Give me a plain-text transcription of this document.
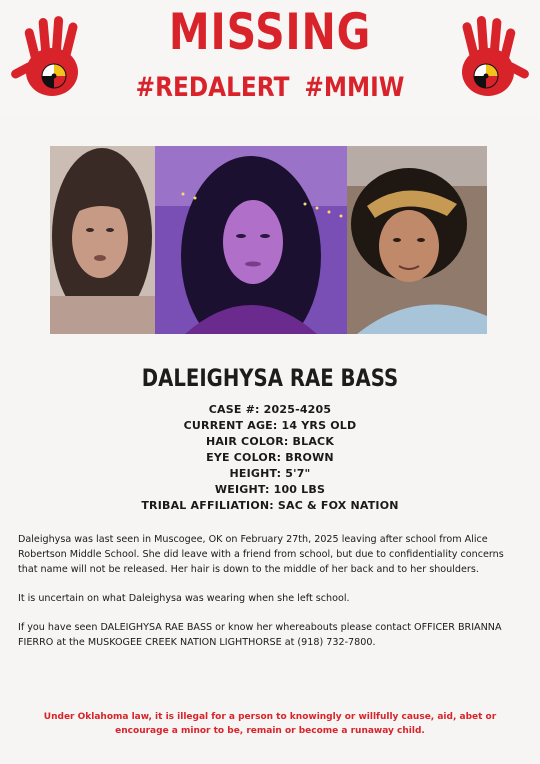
MISSING
#REDALERT #MMIW
DALEIGHYSA RAE BASS
CASE #: 2025-4205
CURRENT AGE: 14 YRS OLD
HAIR COLOR: BLACK
EYE COLOR: BROWN
HEIGHT: 5'7"
WEIGHT: 100 LBS
TRIBAL AFFILIATION: SAC & FOX NATION

Daleighysa was last seen in Muscogee, OK on February 27th, 2025 leaving after school from Alice Robertson Middle School. She did leave with a friend from school, but due to confidentiality concerns that name will not be released. Her hair is down to the middle of her back and to her shoulders.

It is uncertain on what Daleighysa was wearing when she left school.

If you have seen DALEIGHYSA RAE BASS or know her whereabouts please contact OFFICER BRIANNA FIERRO at the MUSKOGEE CREEK NATION LIGHTHORSE at (918) 732-7800.

Under Oklahoma law, it is illegal for a person to knowingly or willfully cause, aid, abet or encourage a minor to be, remain or become a runaway child.
